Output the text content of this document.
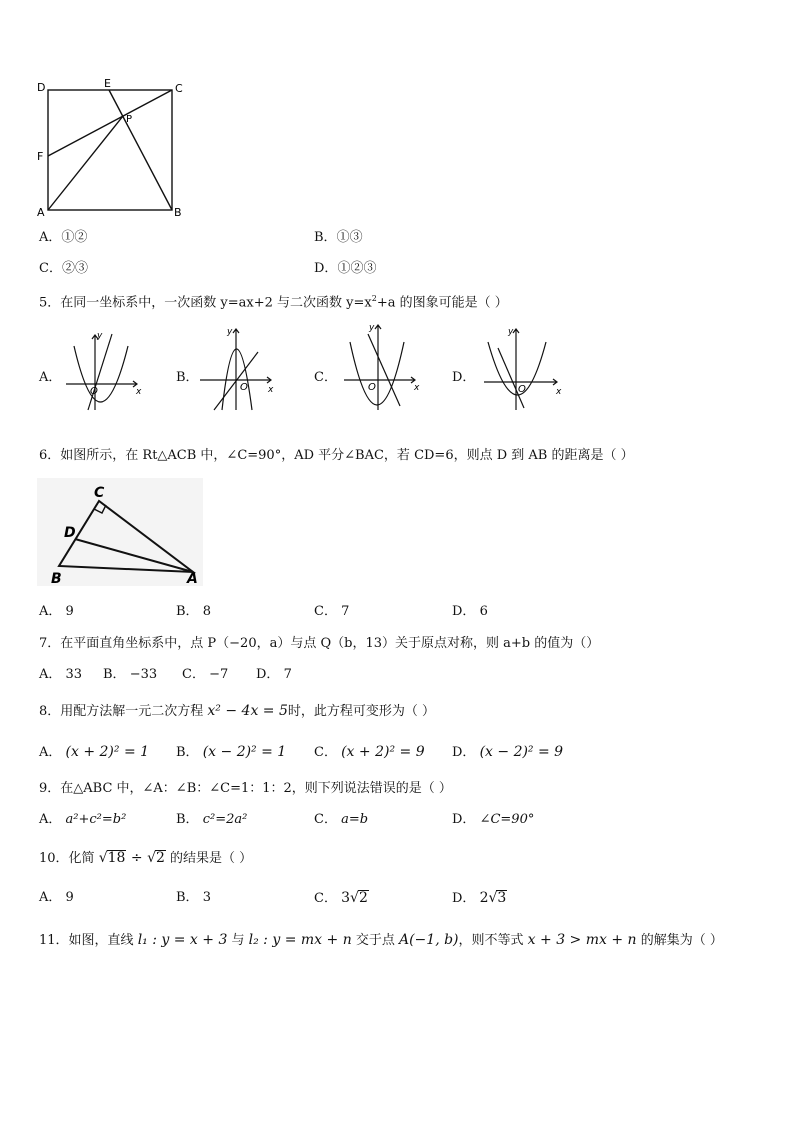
D	E	C
P
F
A	B
A．①②	B．①③
C．②③	D．①②③
5．在同一坐标系中，一次函数 y=ax+2 与二次函数 $y=x^2+a$ 的图象可能是（ ）
A．	B．	C．	D．
y
x
O
y
x
O
y
x
O
y
x
O
6．如图所示，在 Rt△ACB 中，∠C=90°，AD 平分∠BAC，若 CD=6，则点 D 到 AB 的距离是（ ）
C
D
B	A
A． 9	B． 8	C． 7	D． 6
7．在平面直角坐标系中，点 P（−20，a）与点 Q（b，13）关于原点对称，则 a+b 的值为（）
A． 33 B． −33 C． −7 D． 7
8．用配方法解一元二次方程 x² − 4x = 5时，此方程可变形为（ ）
A． (x + 2)² = 1 B． (x − 2)² = 1 C． (x + 2)² = 9 D． (x − 2)² = 9
9．在△ABC 中，∠A：∠B：∠C=1：1：2，则下列说法错误的是（ ）
A． a²+c²=b²	B． c²=2a²	C． a=b	D． ∠C=90°
10．化简 √18 ÷ √2 的结果是（ ）
A． 9	B． 3	C． 3√2	D． 2√3
11．如图，直线 l₁ : y = x + 3 与 l₂ : y = mx + n 交于点 A(−1, b)，则不等式 x + 3 > mx + n 的解集为（ ）
